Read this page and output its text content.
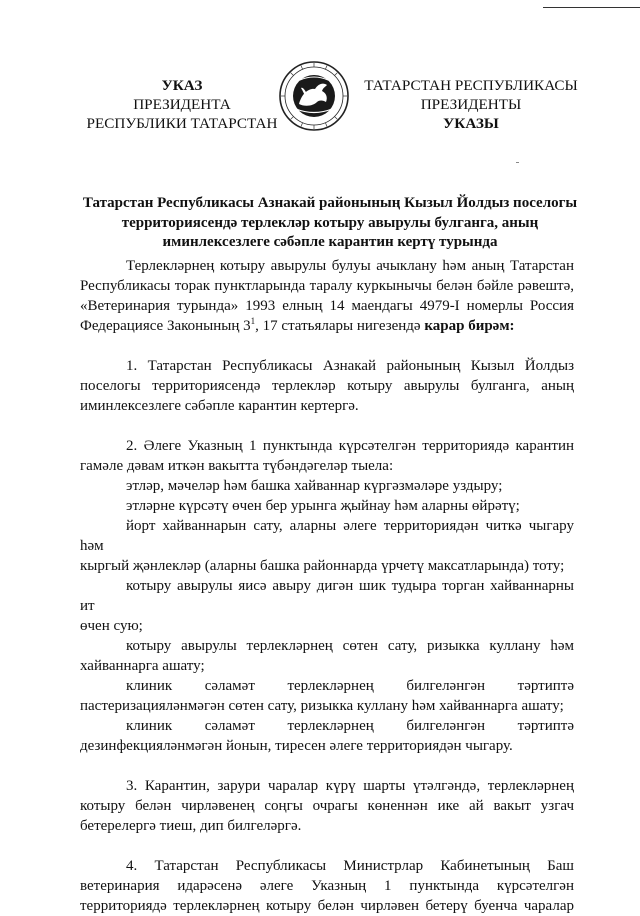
УКАЗ
ПРЕЗИДЕНТА
РЕСПУБЛИКИ ТАТАРСТАН
ТАТАРСТАН РЕСПУБЛИКАСЫ
ПРЕЗИДЕНТЫ
УКАЗЫ
Татарстан Республикасы Азнакай районының Кызыл Йолдыз поселогы
территориясендә терлекләр котыру авырулы булганга, аның
иминлексезлеге сәбәпле карантин кертү турында

Терлекләрнең котыру авырулы булуы ачыклану һәм аның Татарстан

Республикасы торак пунктларында таралу куркынычы белән бәйле рәвештә,

«Ветеринария турында» 1993 елның 14 маендагы 4979-I номерлы Россия

Федерациясе Законының $3^1$, 17 статьялары нигезендә карар бирәм:

1. Татарстан Республикасы Азнакай районының Кызыл Йолдыз

поселогы территориясендә терлекләр котыру авырулы булганга, аның

иминлексезлеге сәбәпле карантин кертергә.

2. Әлеге Указның 1 пунктында күрсәтелгән территориядә карантин

гамәле дәвам иткән вакытта түбәндәгеләр тыела:

этләр, мәчеләр һәм башка хайваннар күргәзмәләре уздыру;

этләрне күрсәтү өчен бер урынга җыйнау һәм аларны өйрәтү;

йорт хайваннарын сату, аларны әлеге территориядән читкә чыгару һәм

кыргый җәнлекләр (аларны башка районнарда үрчетү максатларында) тоту;

котыру авырулы яисә авыру дигән шик тудыра торган хайваннарны ит

өчен сую;

котыру авырулы терлекләрнең сөтен сату, ризыкка куллану һәм

хайваннарга ашату;

клиник сәламәт терлекләрнең билгеләнгән тәртиптә

пастеризацияләнмәгән сөтен сату, ризыкка куллану һәм хайваннарга ашату;

клиник сәламәт терлекләрнең билгеләнгән тәртиптә

дезинфекцияләнмәгән йонын, тиресен әлеге территориядән чыгару.

3. Карантин, зарури чаралар күрү шарты үтәлгәндә, терлекләрнең

котыру белән чирләвенең соңгы очрагы көненнән ике ай вакыт узгач

бетерелергә тиеш, дип билгеләргә.

4. Татарстан Республикасы Министрлар Кабинетының Баш

ветеринария идарәсенә әлеге Указның 1 пунктында күрсәтелгән

территориядә терлекләрнең котыру белән чирләвен бетерү буенча чаралар
